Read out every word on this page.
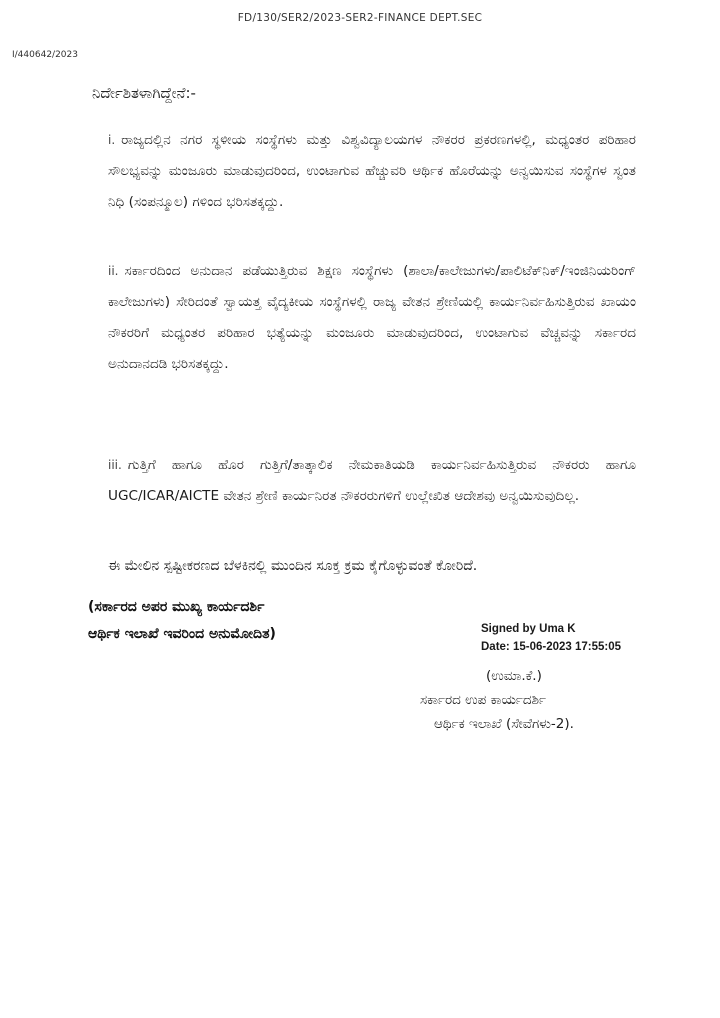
FD/130/SER2/2023-SER2-FINANCE DEPT.SEC
I/440642/2023
ನಿರ್ದೇಶಿತಳಾಗಿದ್ದೇನೆ:-
i. ರಾಜ್ಯದಲ್ಲಿನ ನಗರ ಸ್ಥಳೀಯ ಸಂಸ್ಥೆಗಳು ಮತ್ತು ವಿಶ್ವವಿದ್ಯಾಲಯಗಳ ನೌಕರರ ಪ್ರಕರಣಗಳಲ್ಲಿ, ಮಧ್ಯಂತರ ಪರಿಹಾರ ಸೌಲಭ್ಯವನ್ನು ಮಂಜೂರು ಮಾಡುವುದರಿಂದ, ಉಂಟಾಗುವ ಹೆಚ್ಚುವರಿ ಆರ್ಥಿಕ ಹೊರೆಯನ್ನು ಅನ್ವಯಿಸುವ ಸಂಸ್ಥೆಗಳ ಸ್ವಂತ ನಿಧಿ (ಸಂಪನ್ಮೂಲ) ಗಳಿಂದ ಭರಿಸತಕ್ಕದ್ದು.
ii. ಸರ್ಕಾರದಿಂದ ಅನುದಾನ ಪಡೆಯುತ್ತಿರುವ ಶಿಕ್ಷಣ ಸಂಸ್ಥೆಗಳು (ಶಾಲಾ/ಕಾಲೇಜುಗಳು/ಪಾಲಿಟೆಕ್‌ನಿಕ್/ಇಂಜಿನಿಯರಿಂಗ್ ಕಾಲೇಜುಗಳು) ಸೇರಿದಂತೆ ಸ್ವಾಯತ್ತ ವೈದ್ಯಕೀಯ ಸಂಸ್ಥೆಗಳಲ್ಲಿ ರಾಜ್ಯ ವೇತನ ಶ್ರೇಣಿಯಲ್ಲಿ ಕಾರ್ಯನಿರ್ವಹಿಸುತ್ತಿರುವ ಖಾಯಂ ನೌಕರರಿಗೆ ಮಧ್ಯಂತರ ಪರಿಹಾರ ಭತ್ಯೆಯನ್ನು ಮಂಜೂರು ಮಾಡುವುದರಿಂದ, ಉಂಟಾಗುವ ವೆಚ್ಚವನ್ನು ಸರ್ಕಾರದ ಅನುದಾನದಡಿ ಭರಿಸತಕ್ಕದ್ದು.
iii. ಗುತ್ತಿಗೆ ಹಾಗೂ ಹೊರ ಗುತ್ತಿಗೆ/ತಾತ್ಕಾಲಿಕ ನೇಮಕಾತಿಯಡಿ ಕಾರ್ಯನಿರ್ವಹಿಸುತ್ತಿರುವ ನೌಕರರು ಹಾಗೂ UGC/ICAR/AICTE ವೇತನ ಶ್ರೇಣಿ ಕಾರ್ಯನಿರತ ನೌಕರರುಗಳಿಗೆ ಉಲ್ಲೇಖಿತ ಆದೇಶವು ಅನ್ವಯಿಸುವುದಿಲ್ಲ.
ಈ ಮೇಲಿನ ಸ್ಪಷ್ಟೀಕರಣದ ಬೆಳಕಿನಲ್ಲಿ ಮುಂದಿನ ಸೂಕ್ತ ಕ್ರಮ ಕೈಗೊಳ್ಳುವಂತೆ ಕೋರಿದೆ.
(ಸರ್ಕಾರದ ಅಪರ ಮುಖ್ಯ ಕಾರ್ಯದರ್ಶಿ
ಆರ್ಥಿಕ ಇಲಾಖೆ ಇವರಿಂದ ಅನುಮೋದಿತ)	Signed by Uma K
Date: 15-06-2023 17:55:05
(ಉಮಾ.ಕೆ.)
ಸರ್ಕಾರದ ಉಪ ಕಾರ್ಯದರ್ಶಿ
ಆರ್ಥಿಕ ಇಲಾಖೆ (ಸೇವೆಗಳು-2).
